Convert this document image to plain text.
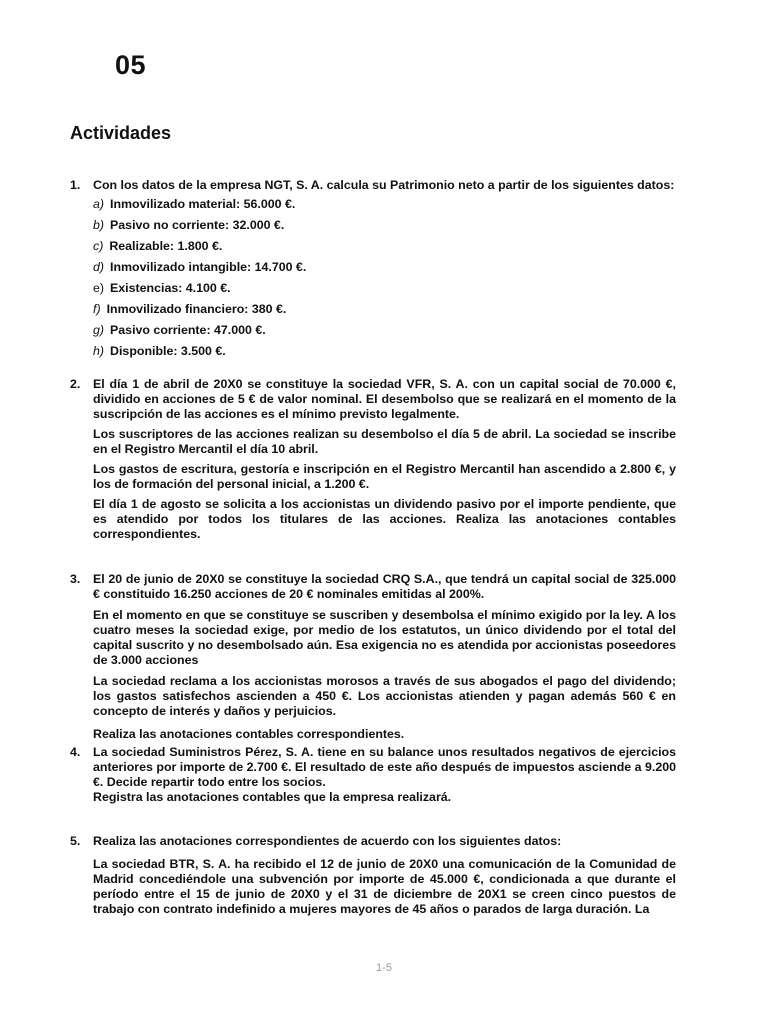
05
Actividades
1.	Con los datos de la empresa NGT, S. A. calcula su Patrimonio neto a partir de los siguientes datos:
a) Inmovilizado material: 56.000 €.
b) Pasivo no corriente: 32.000 €.
c) Realizable: 1.800 €.
d) Inmovilizado intangible: 14.700 €.
e) Existencias: 4.100 €.
f) Inmovilizado financiero: 380 €.
g) Pasivo corriente: 47.000 €.
h) Disponible: 3.500 €.
2.	El día 1 de abril de 20X0 se constituye la sociedad VFR, S. A. con un capital social de 70.000 €, dividido en acciones de 5 € de valor nominal. El desembolso que se realizará en el momento de la suscripción de las acciones es el mínimo previsto legalmente.
Los suscriptores de las acciones realizan su desembolso el día 5 de abril. La sociedad se inscribe en el Registro Mercantil el día 10 abril.
Los gastos de escritura, gestoría e inscripción en el Registro Mercantil han ascendido a 2.800 €, y los de formación del personal inicial, a 1.200 €.
El día 1 de agosto se solicita a los accionistas un dividendo pasivo por el importe pendiente, que es atendido por todos los titulares de las acciones. Realiza las anotaciones contables correspondientes.
3.	El 20 de junio de 20X0 se constituye la sociedad CRQ S.A., que tendrá un capital social de 325.000 € constituido 16.250 acciones de 20 € nominales emitidas al 200%.
En el momento en que se constituye se suscriben y desembolsa el mínimo exigido por la ley. A los cuatro meses la sociedad exige, por medio de los estatutos, un único dividendo por el total del capital suscrito y no desembolsado aún. Esa exigencia no es atendida por accionistas poseedores de 3.000 acciones
La sociedad reclama a los accionistas morosos a través de sus abogados el pago del dividendo; los gastos satisfechos ascienden a 450 €. Los accionistas atienden y pagan además 560 € en concepto de interés y daños y perjuicios.
Realiza las anotaciones contables correspondientes.
4.	La sociedad Suministros Pérez, S. A. tiene en su balance unos resultados negativos de ejercicios anteriores por importe de 2.700 €. El resultado de este año después de impuestos asciende a 9.200 €. Decide repartir todo entre los socios.
Registra las anotaciones contables que la empresa realizará.
5.	Realiza las anotaciones correspondientes de acuerdo con los siguientes datos:
La sociedad BTR, S. A. ha recibido el 12 de junio de 20X0 una comunicación de la Comunidad de Madrid concediéndole una subvención por importe de 45.000 €, condicionada a que durante el período entre el 15 de junio de 20X0 y el 31 de diciembre de 20X1 se creen cinco puestos de trabajo con contrato indefinido a mujeres mayores de 45 años o parados de larga duración. La
1-5
